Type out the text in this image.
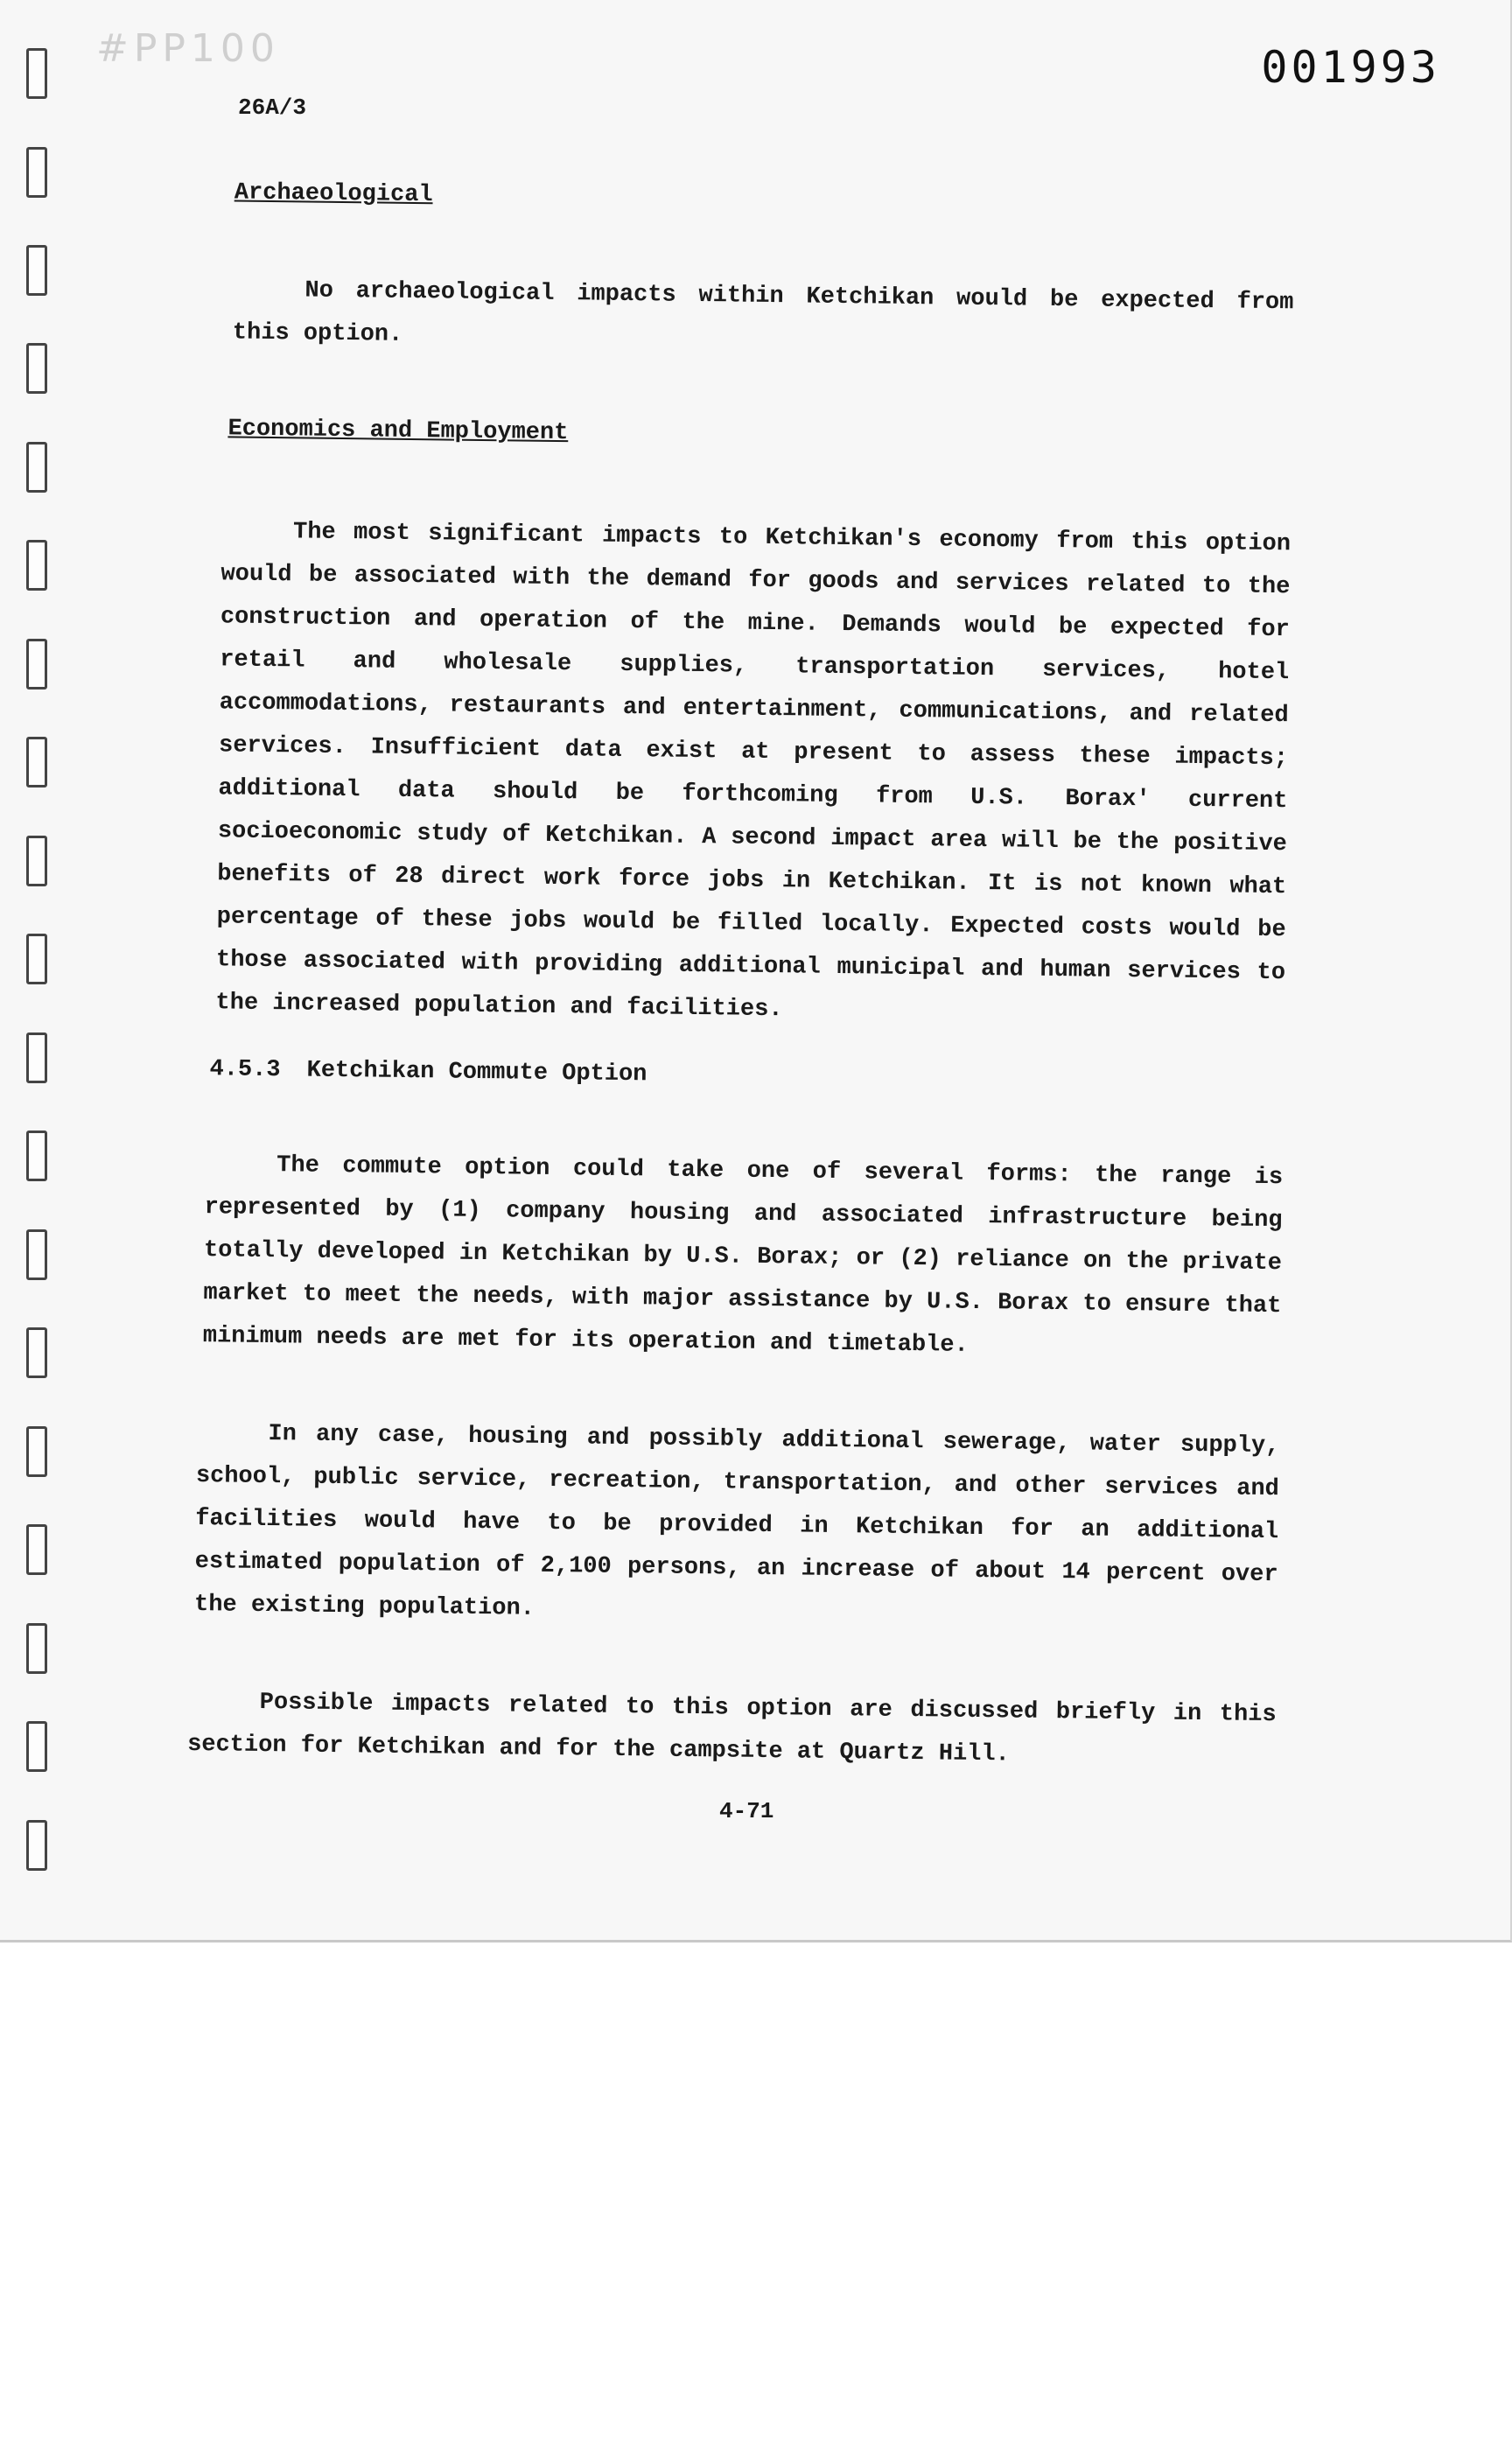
#PP100	001993
26A/3

Archaeological

No archaeological impacts within Ketchikan would be expected from this option.

Economics and Employment

The most significant impacts to Ketchikan's economy from this option would be associated with the demand for goods and services related to the construction and operation of the mine. Demands would be expected for retail and wholesale supplies, transportation services, hotel accommodations, restaurants and entertainment, communications, and related services. Insufficient data exist at present to assess these impacts; additional data should be forthcoming from U.S. Borax' current socioeconomic study of Ketchikan. A second impact area will be the positive benefits of 28 direct work force jobs in Ketchikan. It is not known what percentage of these jobs would be filled locally. Expected costs would be those associated with providing additional municipal and human services to the increased population and facilities.

4.5.3 Ketchikan Commute Option

The commute option could take one of several forms: the range is represented by (1) company housing and associated infrastructure being totally developed in Ketchikan by U.S. Borax; or (2) reliance on the private market to meet the needs, with major assistance by U.S. Borax to ensure that minimum needs are met for its operation and timetable.

In any case, housing and possibly additional sewerage, water supply, school, public service, recreation, transportation, and other services and facilities would have to be provided in Ketchikan for an additional estimated population of 2,100 persons, an increase of about 14 percent over the existing population.

Possible impacts related to this option are discussed briefly in this section for Ketchikan and for the campsite at Quartz Hill.

4-71
